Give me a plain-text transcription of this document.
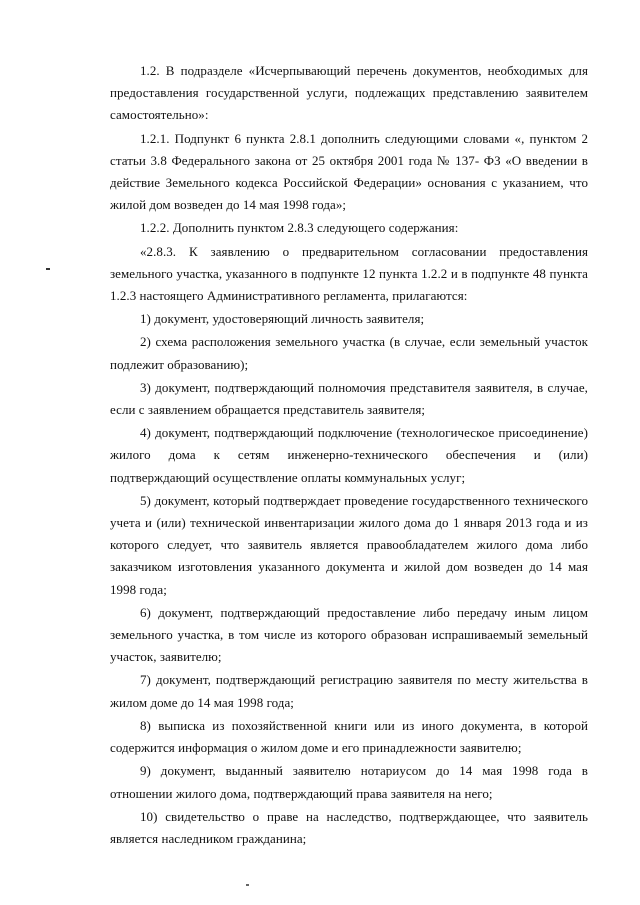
1.2. В подразделе «Исчерпывающий перечень документов, необходимых для предоставления государственной услуги, подлежащих представлению заявителем самостоятельно»:

1.2.1. Подпункт 6 пункта 2.8.1 дополнить следующими словами «, пунктом 2 статьи 3.8 Федерального закона от 25 октября 2001 года № 137- ФЗ «О введении в действие Земельного кодекса Российской Федерации» основания с указанием, что жилой дом возведен до 14 мая 1998 года»;

1.2.2. Дополнить пунктом 2.8.3 следующего содержания:

«2.8.3. К заявлению о предварительном согласовании предоставления земельного участка, указанного в подпункте 12 пункта 1.2.2 и в подпункте 48 пункта 1.2.3 настоящего Административного регламента, прилагаются:

1) документ, удостоверяющий личность заявителя;

2) схема расположения земельного участка (в случае, если земельный участок подлежит образованию);

3) документ, подтверждающий полномочия представителя заявителя, в случае, если с заявлением обращается представитель заявителя;

4) документ, подтверждающий подключение (технологическое присоединение) жилого дома к сетям инженерно-технического обеспечения и (или) подтверждающий осуществление оплаты коммунальных услуг;

5) документ, который подтверждает проведение государственного технического учета и (или) технической инвентаризации жилого дома до 1 января 2013 года и из которого следует, что заявитель является правообладателем жилого дома либо заказчиком изготовления указанного документа и жилой дом возведен до 14 мая 1998 года;

6) документ, подтверждающий предоставление либо передачу иным лицом земельного участка, в том числе из которого образован испрашиваемый земельный участок, заявителю;

7) документ, подтверждающий регистрацию заявителя по месту жительства в жилом доме до 14 мая 1998 года;

8) выписка из похозяйственной книги или из иного документа, в которой содержится информация о жилом доме и его принадлежности заявителю;

9) документ, выданный заявителю нотариусом до 14 мая 1998 года в отношении жилого дома, подтверждающий права заявителя на него;

10) свидетельство о праве на наследство, подтверждающее, что заявитель является наследником гражданина;
